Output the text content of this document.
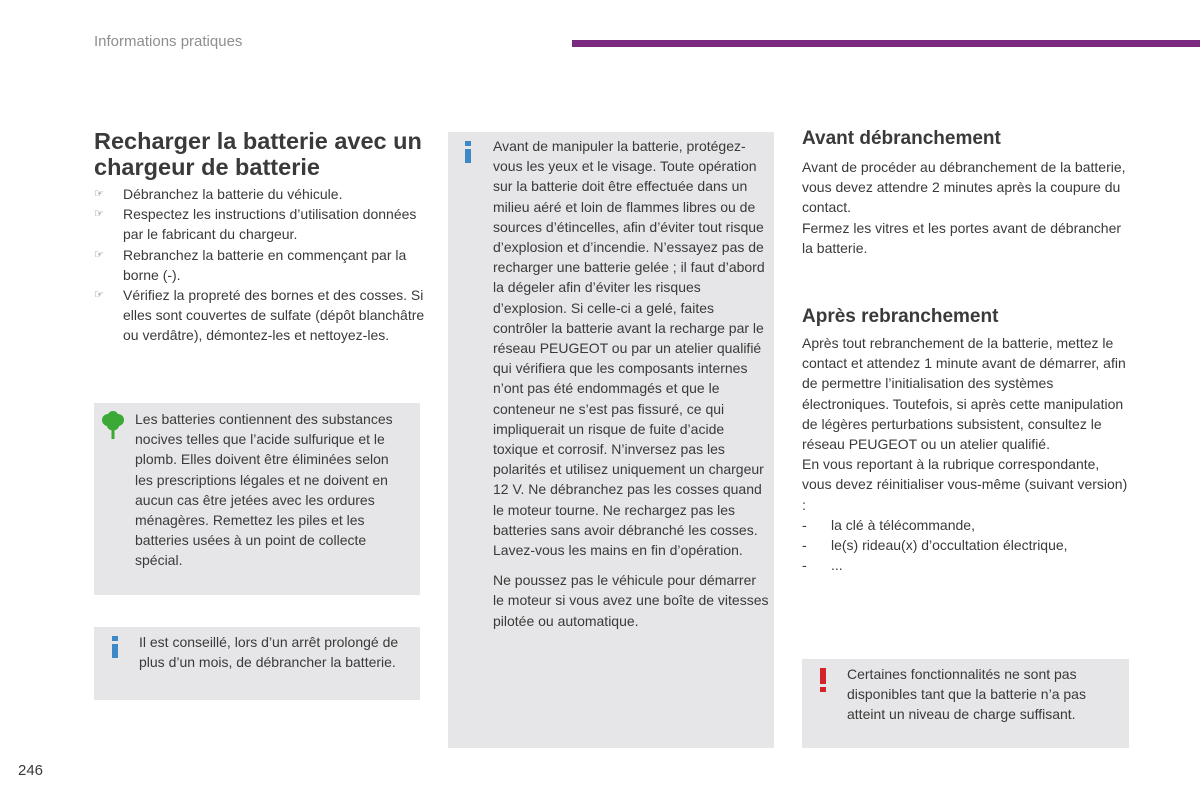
Informations pratiques
Recharger la batterie avec un chargeur de batterie
☞ Débranchez la batterie du véhicule.
☞ Respectez les instructions d’utilisation données par le fabricant du chargeur.
☞ Rebranchez la batterie en commençant par la borne (-).
☞ Vérifiez la propreté des bornes et des cosses. Si elles sont couvertes de sulfate (dépôt blanchâtre ou verdâtre), démontez-les et nettoyez-les.
Les batteries contiennent des substances nocives telles que l’acide sulfurique et le plomb. Elles doivent être éliminées selon les prescriptions légales et ne doivent en aucun cas être jetées avec les ordures ménagères. Remettez les piles et les batteries usées à un point de collecte spécial.
Il est conseillé, lors d’un arrêt prolongé de plus d’un mois, de débrancher la batterie.

Avant de manipuler la batterie, protégez-vous les yeux et le visage. Toute opération sur la batterie doit être effectuée dans un milieu aéré et loin de flammes libres ou de sources d’étincelles, afin d’éviter tout risque d’explosion et d’incendie. N’essayez pas de recharger une batterie gelée ; il faut d’abord la dégeler afin d’éviter les risques d’explosion. Si celle-ci a gelé, faites contrôler la batterie avant la recharge par le réseau PEUGEOT ou par un atelier qualifié qui vérifiera que les composants internes n’ont pas été endommagés et que le conteneur ne s’est pas fissuré, ce qui impliquerait un risque de fuite d’acide toxique et corrosif. N’inversez pas les polarités et utilisez uniquement un chargeur 12 V. Ne débranchez pas les cosses quand le moteur tourne. Ne rechargez pas les batteries sans avoir débranché les cosses. Lavez-vous les mains en fin d’opération.

Ne poussez pas le véhicule pour démarrer le moteur si vous avez une boîte de vitesses pilotée ou automatique.

Avant débranchement

Avant de procéder au débranchement de la batterie, vous devez attendre 2 minutes après la coupure du contact.

Fermez les vitres et les portes avant de débrancher la batterie.

Après rebranchement

Après tout rebranchement de la batterie, mettez le contact et attendez 1 minute avant de démarrer, afin de permettre l’initialisation des systèmes électroniques. Toutefois, si après cette manipulation de légères perturbations subsistent, consultez le réseau PEUGEOT ou un atelier qualifié.

En vous reportant à la rubrique correspondante, vous devez réinitialiser vous-même (suivant version) :

- la clé à télécommande,
- le(s) rideau(x) d’occultation électrique,
- ...
Certaines fonctionnalités ne sont pas disponibles tant que la batterie n’a pas atteint un niveau de charge suffisant.
246
